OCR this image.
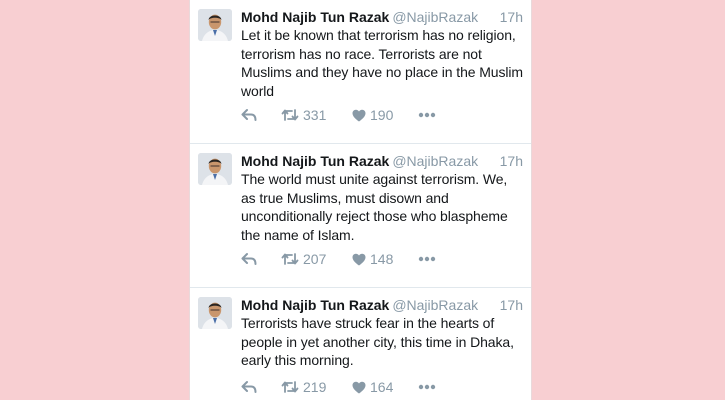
Mohd Najib Tun Razak @NajibRazak 17h
Let it be known that terrorism has no religion, terrorism has no race. Terrorists are not Muslims and they have no place in the Muslim world
331	190
Mohd Najib Tun Razak @NajibRazak 17h
The world must unite against terrorism. We, as true Muslims, must disown and unconditionally reject those who blaspheme the name of Islam.
207	148
Mohd Najib Tun Razak @NajibRazak 17h
Terrorists have struck fear in the hearts of people in yet another city, this time in Dhaka, early this morning.
219	164
